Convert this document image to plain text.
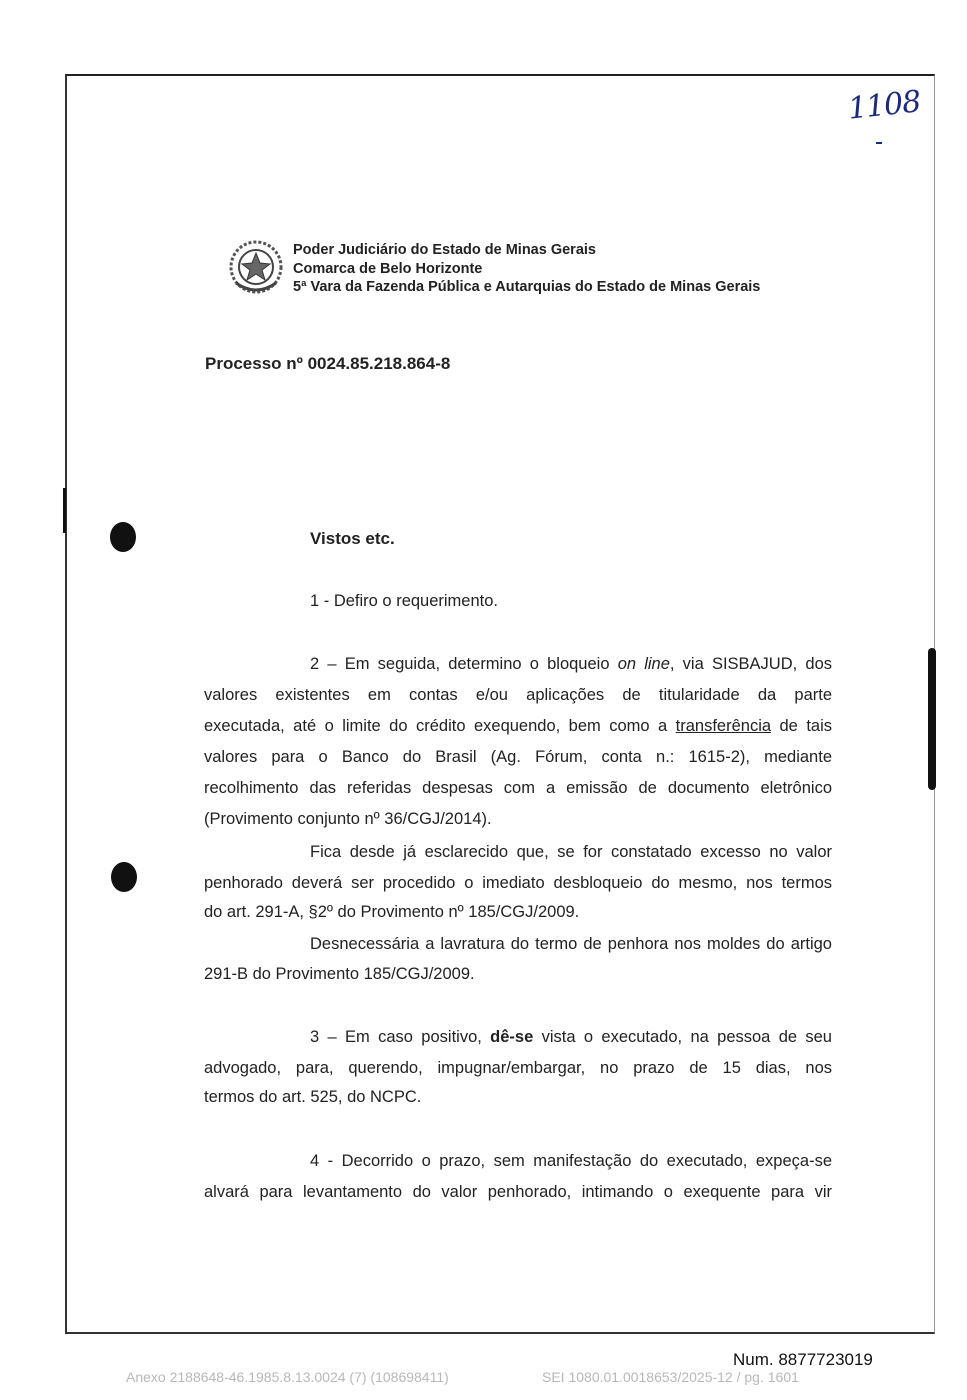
1108
Poder Judiciário do Estado de Minas Gerais
Comarca de Belo Horizonte
5ª Vara da Fazenda Pública e Autarquias do Estado de Minas Gerais
Processo nº 0024.85.218.864-8
Vistos etc.
1 - Defiro o requerimento.
2 – Em seguida, determino o bloqueio on line, via SISBAJUD, dos
valores existentes em contas e/ou aplicações de titularidade da parte
executada, até o limite do crédito exequendo, bem como a transferência de tais
valores para o Banco do Brasil (Ag. Fórum, conta n.: 1615-2), mediante
recolhimento das referidas despesas com a emissão de documento eletrônico
(Provimento conjunto nº 36/CGJ/2014).
Fica desde já esclarecido que, se for constatado excesso no valor
penhorado deverá ser procedido o imediato desbloqueio do mesmo, nos termos
do art. 291-A, §2º do Provimento nº 185/CGJ/2009.
Desnecessária a lavratura do termo de penhora nos moldes do artigo
291-B do Provimento 185/CGJ/2009.
3 – Em caso positivo, dê-se vista o executado, na pessoa de seu
advogado, para, querendo, impugnar/embargar, no prazo de 15 dias, nos
termos do art. 525, do NCPC.
4 - Decorrido o prazo, sem manifestação do executado, expeça-se
alvará para levantamento do valor penhorado, intimando o exequente para vir
Num. 8877723019
Anexo 2188648-46.1985.8.13.0024 (7) (108698411)	SEI 1080.01.0018653/2025-12 / pg. 1601
